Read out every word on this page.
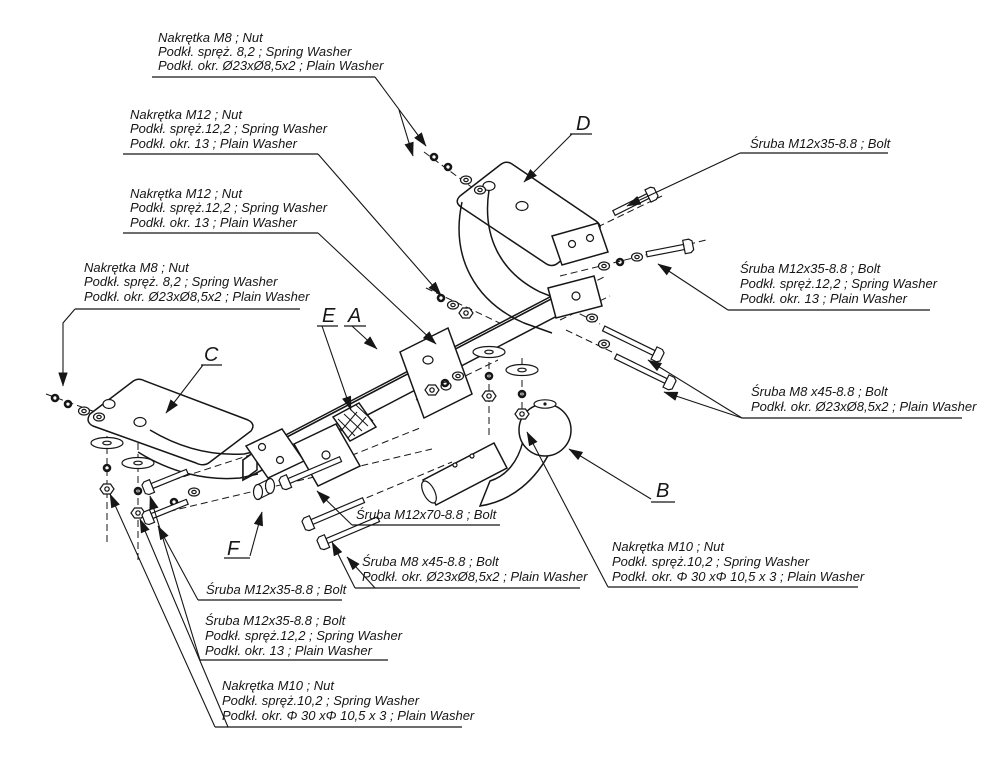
D
C
E A
B
F
Nakrętka M8 ; Nut
Podkł. spręż. 8,2 ; Spring Washer
Podkł. okr. Ø23xØ8,5x2 ; Plain Washer
Nakrętka M12 ; Nut
Podkł. spręż.12,2 ; Spring Washer
Podkł. okr. 13 ; Plain Washer
Nakrętka M12 ; Nut
Podkł. spręż.12,2 ; Spring Washer
Podkł. okr. 13 ; Plain Washer
Nakrętka M8 ; Nut
Podkł. spręż. 8,2 ; Spring Washer
Podkł. okr. Ø23xØ8,5x2 ; Plain Washer
Śruba M12x35-8.8 ; Bolt
Śruba M12x35-8.8 ; Bolt
Podkł. spręż.12,2 ; Spring Washer
Podkł. okr. 13 ; Plain Washer
Śruba M8 x45-8.8 ; Bolt
Podkł. okr. Ø23xØ8,5x2 ; Plain Washer
Śruba M12x70-8.8 ; Bolt
Śruba M8 x45-8.8 ; Bolt
Podkł. okr. Ø23xØ8,5x2 ; Plain Washer
Nakrętka M10 ; Nut
Podkł. spręż.10,2 ; Spring Washer
Podkł. okr. Φ 30 xΦ 10,5 x 3 ; Plain Washer
Śruba M12x35-8.8 ; Bolt
Śruba M12x35-8.8 ; Bolt
Podkł. spręż.12,2 ; Spring Washer
Podkł. okr. 13 ; Plain Washer
Nakrętka M10 ; Nut
Podkł. spręż.10,2 ; Spring Washer
Podkł. okr. Φ 30 xΦ 10,5 x 3 ; Plain Washer
